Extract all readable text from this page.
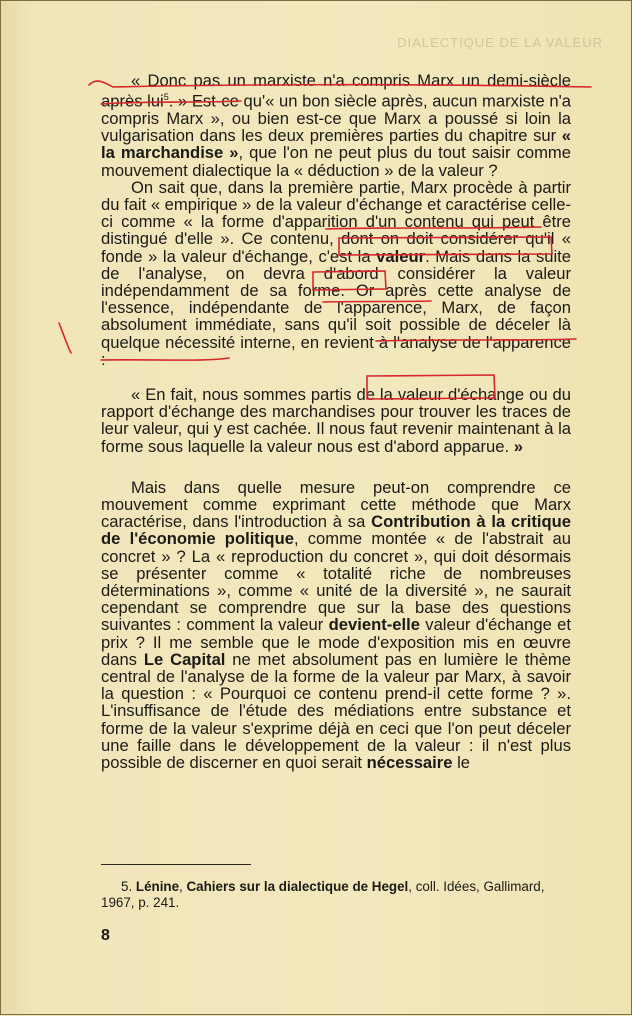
DIALECTIQUE DE LA VALEUR

« Donc pas un marxiste n'a compris Marx un demi-siècle après lui$^5$. » Est-ce qu'« un bon siècle après, aucun marxiste n'a compris Marx », ou bien est-ce que Marx a poussé si loin la vulgarisation dans les deux premières parties du chapitre sur « la marchandise », que l'on ne peut plus du tout saisir comme mouvement dialectique la « déduction » de la valeur ?

On sait que, dans la première partie, Marx procède à partir du fait « empirique » de la valeur d'échange et caractérise celle-ci comme « la forme d'apparition d'un contenu qui peut être distingué d'elle ». Ce contenu, dont on doit considérer qu'il « fonde » la valeur d'échange, c'est la valeur. Mais dans la suite de l'analyse, on devra d'abord considérer la valeur indépendamment de sa forme. Or après cette analyse de l'essence, indépendante de l'apparence, Marx, de façon absolument immédiate, sans qu'il soit possible de déceler là quelque nécessité interne, en revient à l'analyse de l'apparence :

« En fait, nous sommes partis de la valeur d'échange ou du rapport d'échange des marchandises pour trouver les traces de leur valeur, qui y est cachée. Il nous faut revenir maintenant à la forme sous laquelle la valeur nous est d'abord apparue. »

Mais dans quelle mesure peut-on comprendre ce mouvement comme exprimant cette méthode que Marx caractérise, dans l'introduction à sa Contribution à la critique de l'économie politique, comme montée « de l'abstrait au concret » ? La « reproduction du concret », qui doit désormais se présenter comme « totalité riche de nombreuses déterminations », comme « unité de la diversité », ne saurait cependant se comprendre que sur la base des questions suivantes : comment la valeur devient-elle valeur d'échange et prix ? Il me semble que le mode d'exposition mis en œuvre dans Le Capital ne met absolument pas en lumière le thème central de l'analyse de la forme de la valeur par Marx, à savoir la question : « Pourquoi ce contenu prend-il cette forme ? ». L'insuffisance de l'étude des médiations entre substance et forme de la valeur s'exprime déjà en ceci que l'on peut déceler une faille dans le développement de la valeur : il n'est plus possible de discerner en quoi serait nécessaire le

5. Lénine, Cahiers sur la dialectique de Hegel, coll. Idées, Gallimard, 1967, p. 241.
8
